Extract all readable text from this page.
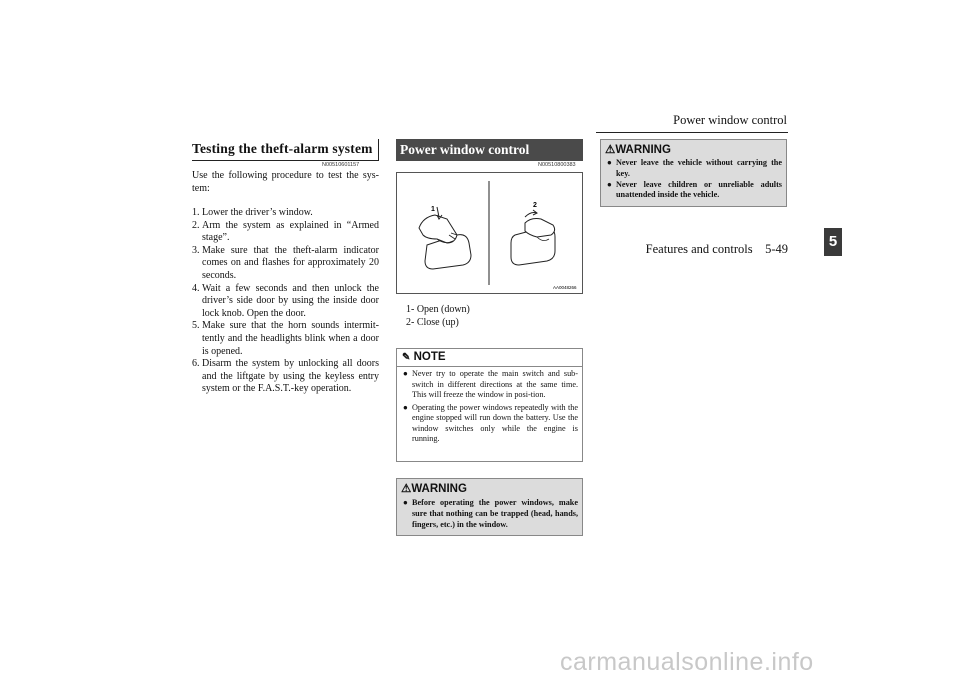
Power window control
Features and controls 5-49	5
Testing the theft-alarm system
N00510601157
Use the following procedure to test the sys-tem:
1. Lower the driver’s window.
2. Arm the system as explained in “Armed stage”.
3. Make sure that the theft-alarm indicator comes on and flashes for approximately 20 seconds.
4. Wait a few seconds and then unlock the driver’s side door by using the inside door lock knob. Open the door.
5. Make sure that the horn sounds intermit-tently and the headlights blink when a door is opened.
6. Disarm the system by unlocking all doors and the liftgate by using the keyless entry system or the F.A.S.T.-key operation.
Power window control
N00510800383
1
2
AA0048266
1- Open (down)
2- Close (up)
✎ NOTE
● Never try to operate the main switch and sub-switch in different directions at the same time. This will freeze the window in posi-tion.
● Operating the power windows repeatedly with the engine stopped will run down the battery. Use the window switches only while the engine is running.
⚠WARNING
● Before operating the power windows, make sure that nothing can be trapped (head, hands, fingers, etc.) in the window.
⚠WARNING
● Never leave the vehicle without carrying the key.
● Never leave children or unreliable adults unattended inside the vehicle.
carmanualsonline.info
